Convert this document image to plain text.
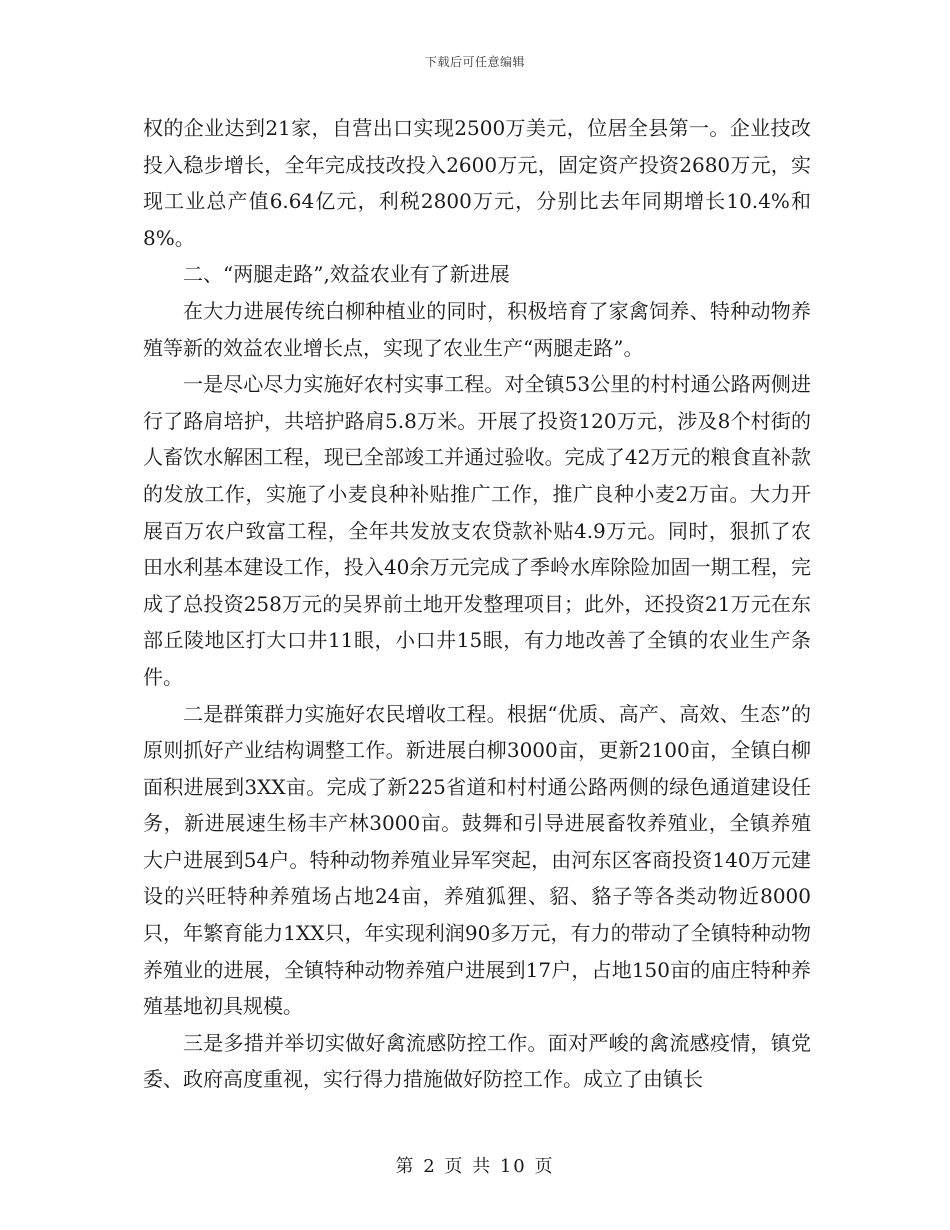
下载后可任意编辑

权的企业达到21家，自营出口实现2500万美元，位居全县第一。企业技改投入稳步增长，全年完成技改投入2600万元，固定资产投资2680万元，实现工业总产值6.64亿元，利税2800万元，分别比去年同期增长10.4%和8%。

二、“两腿走路”,效益农业有了新进展

在大力进展传统白柳种植业的同时，积极培育了家禽饲养、特种动物养殖等新的效益农业增长点，实现了农业生产“两腿走路”。

一是尽心尽力实施好农村实事工程。对全镇53公里的村村通公路两侧进行了路肩培护，共培护路肩5.8万米。开展了投资120万元，涉及8个村街的人畜饮水解困工程，现已全部竣工并通过验收。完成了42万元的粮食直补款的发放工作，实施了小麦良种补贴推广工作，推广良种小麦2万亩。大力开展百万农户致富工程，全年共发放支农贷款补贴4.9万元。同时，狠抓了农田水利基本建设工作，投入40余万元完成了季岭水库除险加固一期工程，完成了总投资258万元的吴界前土地开发整理项目；此外，还投资21万元在东部丘陵地区打大口井11眼，小口井15眼，有力地改善了全镇的农业生产条件。

二是群策群力实施好农民增收工程。根据“优质、高产、高效、生态”的原则抓好产业结构调整工作。新进展白柳3000亩，更新2100亩，全镇白柳面积进展到3XX亩。完成了新225省道和村村通公路两侧的绿色通道建设任务，新进展速生杨丰产林3000亩。鼓舞和引导进展畜牧养殖业，全镇养殖大户进展到54户。特种动物养殖业异军突起，由河东区客商投资140万元建设的兴旺特种养殖场占地24亩，养殖狐狸、貂、貉子等各类动物近8000只，年繁育能力1XX只，年实现利润90多万元，有力的带动了全镇特种动物养殖业的进展，全镇特种动物养殖户进展到17户，占地150亩的庙庄特种养殖基地初具规模。

三是多措并举切实做好禽流感防控工作。面对严峻的禽流感疫情，镇党委、政府高度重视，实行得力措施做好防控工作。成立了由镇长

第 2 页 共 10 页
